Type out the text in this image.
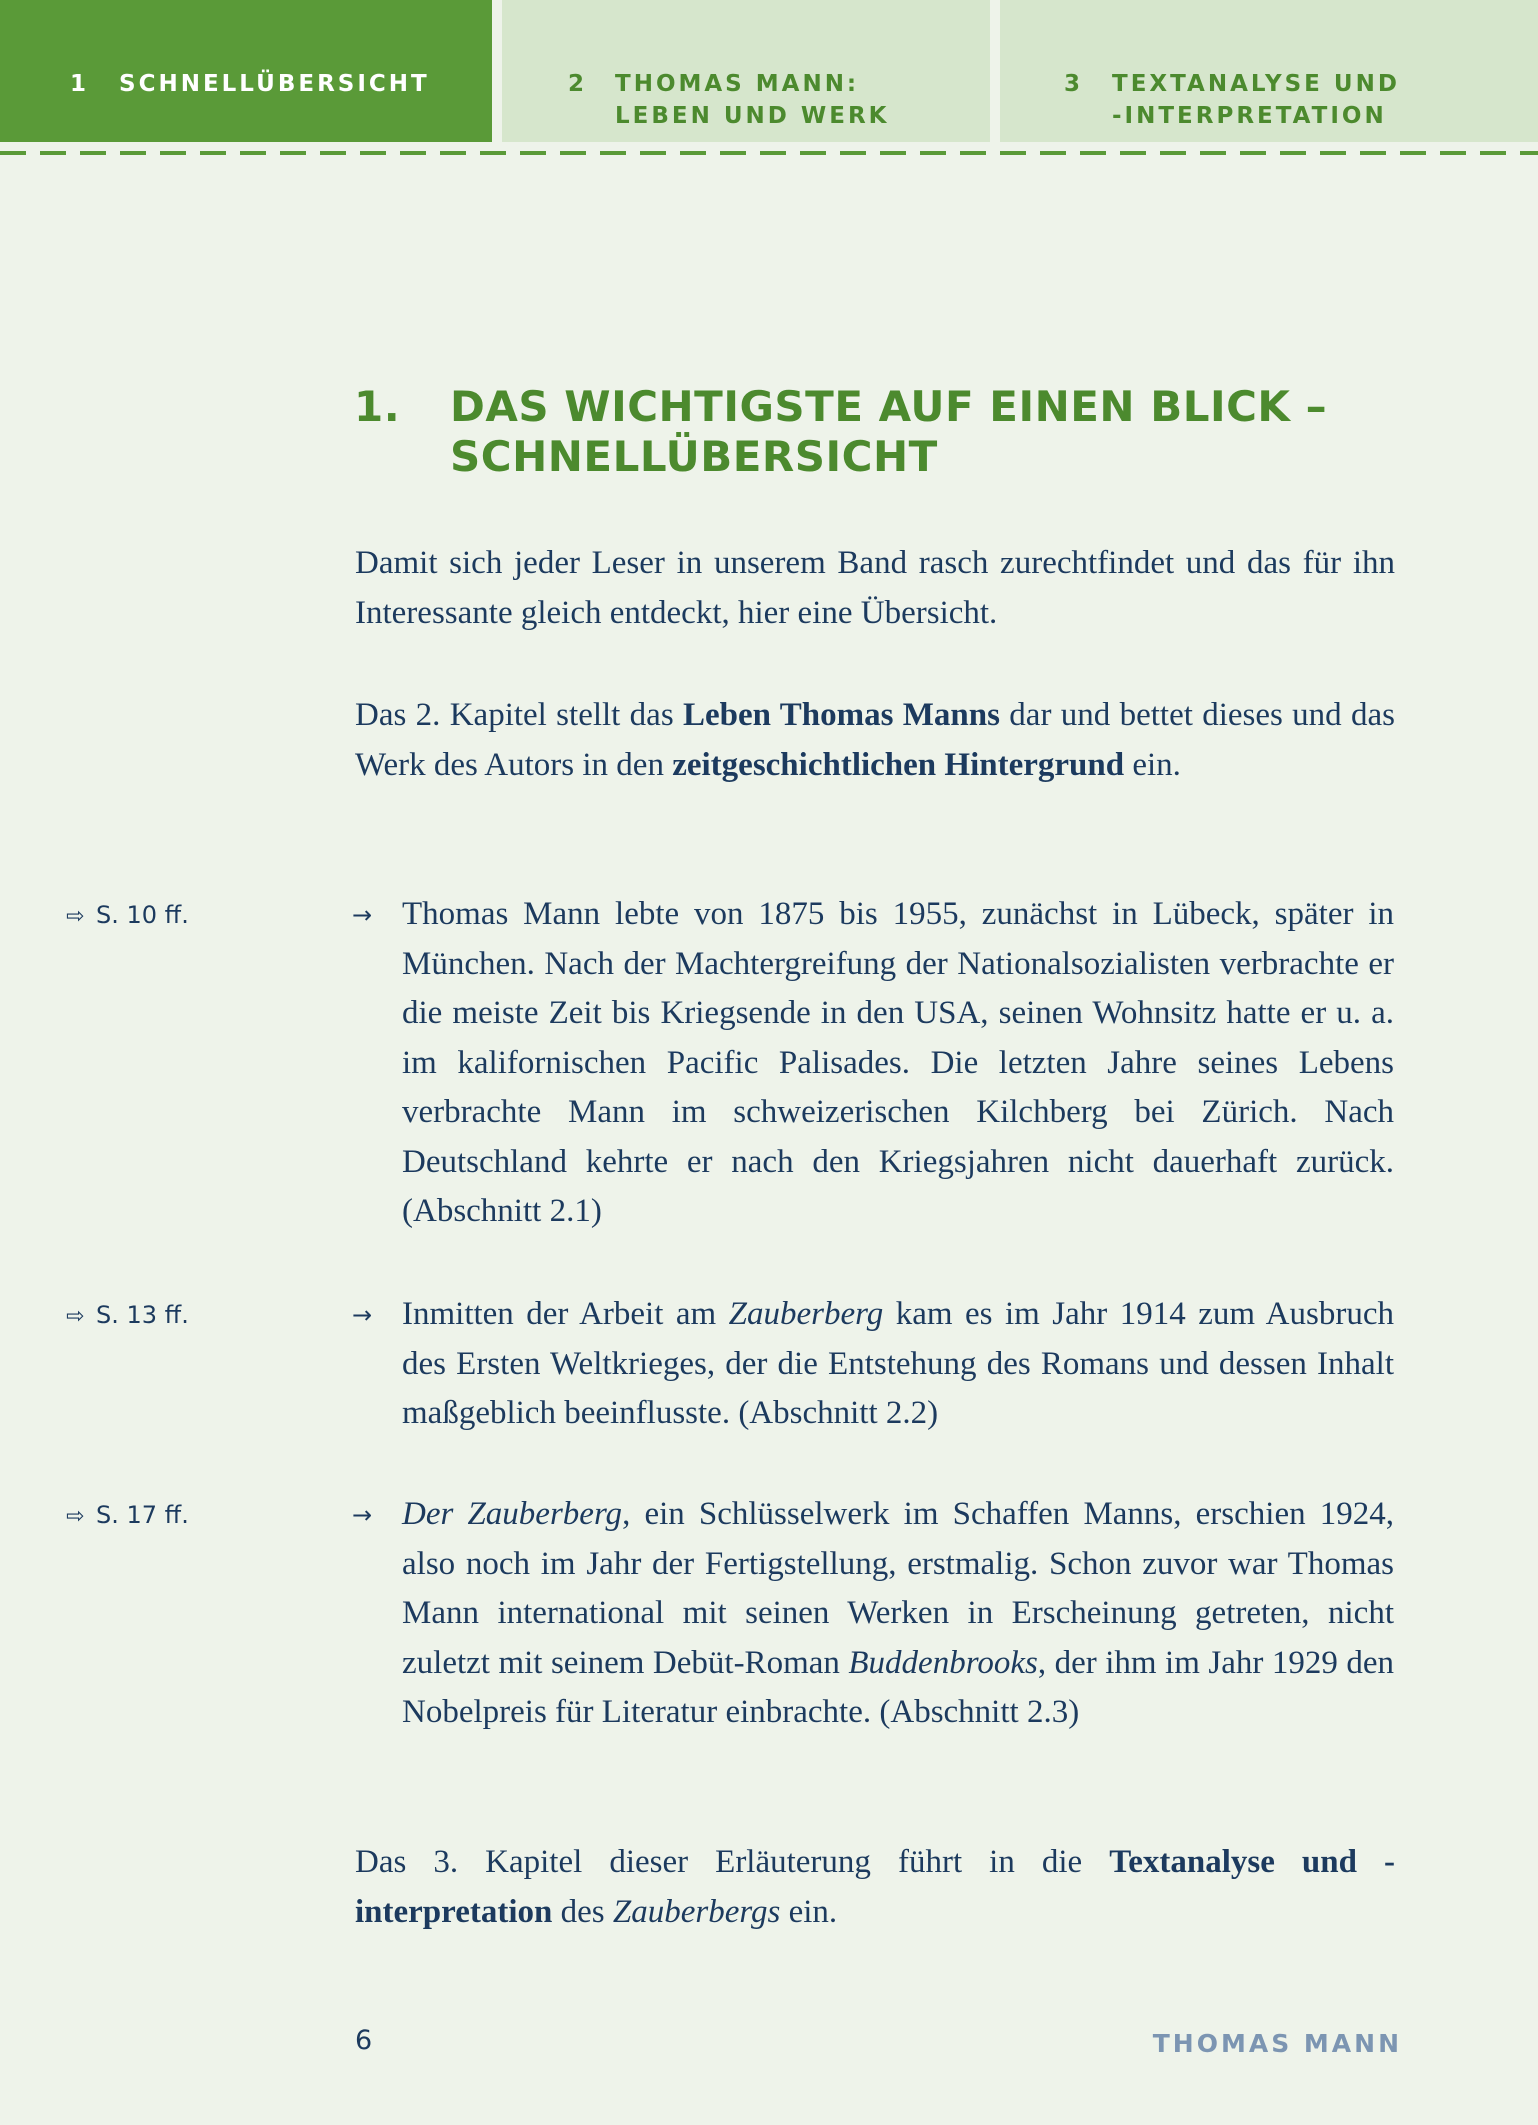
1 SCHNELLÜBERSICHT	2 THOMAS MANN:
LEBEN UND WERK
3 TEXTANALYSE UND
-INTERPRETATION
1. DAS WICHTIGSTE AUF EINEN BLICK – SCHNELLÜBERSICHT

Damit sich jeder Leser in unserem Band rasch zurechtfindet und das für ihn Interessante gleich entdeckt, hier eine Übersicht.

Das 2. Kapitel stellt das Leben Thomas Manns dar und bettet dieses und das Werk des Autors in den zeitgeschichtlichen Hintergrund ein.

⇨ S. 10 ff.	→ Thomas Mann lebte von 1875 bis 1955, zunächst in Lübeck, später in München. Nach der Machtergreifung der Nationalsozialisten verbrachte er die meiste Zeit bis Kriegsende in den USA, seinen Wohnsitz hatte er u. a. im kalifornischen Pacific Palisades. Die letzten Jahre seines Lebens verbrachte Mann im schweizerischen Kilchberg bei Zürich. Nach Deutschland kehrte er nach den Kriegsjahren nicht dauerhaft zurück. (Abschnitt 2.1)

⇨ S. 13 ff.	→ Inmitten der Arbeit am Zauberberg kam es im Jahr 1914 zum Ausbruch des Ersten Weltkrieges, der die Entstehung des Romans und dessen Inhalt maßgeblich beeinflusste. (Abschnitt 2.2)

⇨ S. 17 ff.	→ Der Zauberberg, ein Schlüsselwerk im Schaffen Manns, erschien 1924, also noch im Jahr der Fertigstellung, erstmalig. Schon zuvor war Thomas Mann international mit seinen Werken in Erscheinung getreten, nicht zuletzt mit seinem Debüt-Roman Buddenbrooks, der ihm im Jahr 1929 den Nobelpreis für Literatur einbrachte. (Abschnitt 2.3)

Das 3. Kapitel dieser Erläuterung führt in die Textanalyse und -interpretation des Zauberbergs ein.

6	THOMAS MANN
